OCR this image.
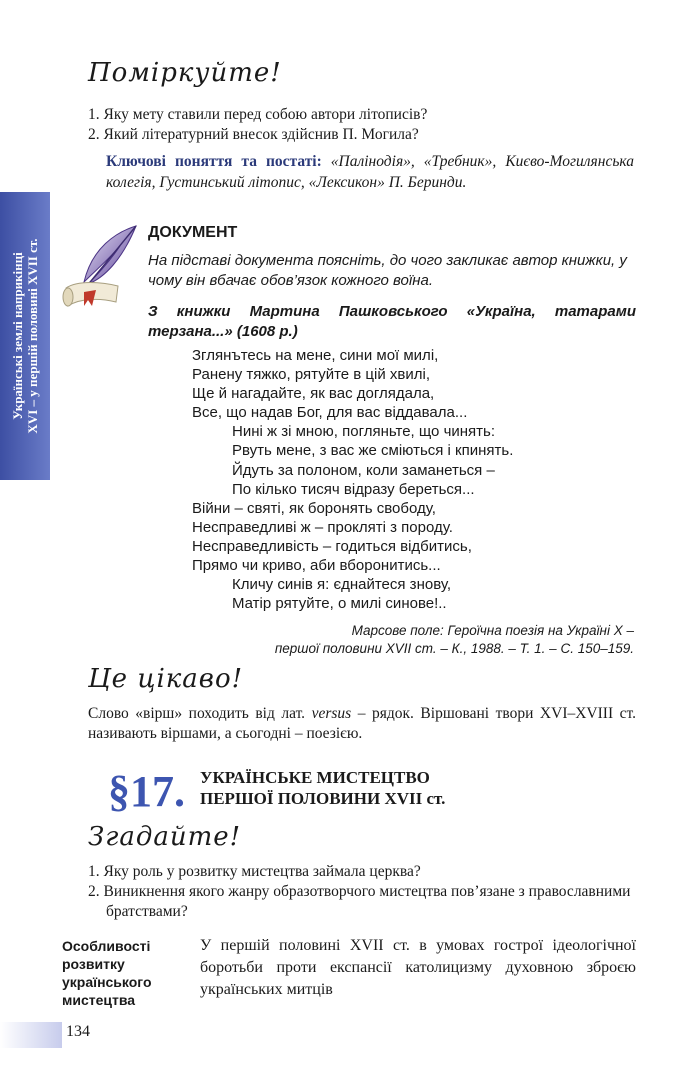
Українські землі наприкінці XVI – у першій половині XVII ст.
Поміркуйте!
1. Яку мету ставили перед собою автори літописів?
2. Який літературний внесок здійснив П. Могила?
Ключові поняття та постаті: «Палінодія», «Требник», Києво-Могилянська колегія, Густинський літопис, «Лексикон» П. Беринди.
ДОКУМЕНТ
На підставі документа поясніть, до чого закликає автор книжки, у чому він вбачає обов’язок кожного воїна.
З книжки Мартина Пашковського «Україна, татарами терзана...» (1608 р.)
Зглянътесь на мене, сини мої милі,
Ранену тяжко, рятуйте в цій хвилі,
Ще й нагадайте, як вас доглядала,
Все, що надав Бог, для вас віддавала...
Нині ж зі мною, погляньте, що чинять:
Рвуть мене, з вас же сміються і кпинять.
Йдуть за полоном, коли заманеться –
По кілько тисяч відразу береться...
Війни – святі, як боронять свободу,
Несправедливі ж – прокляті з породу.
Несправедливість – годиться відбитись,
Прямо чи криво, аби вборонитись...
Кличу синів я: єднайтеся знову,
Матір рятуйте, о милі синове!..
Марсове поле: Героїчна поезія на Україні X –
першої половини XVII ст. – К., 1988. – Т. 1. – С. 150–159.
Це цікаво!
Слово «вірш» походить від лат. versus – рядок. Віршовані твори XVI–XVIII ст. називають віршами, а сьогодні – поезією.
§17. УКРАЇНСЬКЕ МИСТЕЦТВО
ПЕРШОЇ ПОЛОВИНИ XVII ст.
Згадайте!
1. Яку роль у розвитку мистецтва займала церква?
2. Виникнення якого жанру образотворчого мистецтва пов’язане з православними братствами?
Особливості
розвитку
українського
мистецтва
У першій половині XVII ст. в умовах гострої ідеологічної боротьби проти експансії католицизму духовною зброєю українських митців
134
